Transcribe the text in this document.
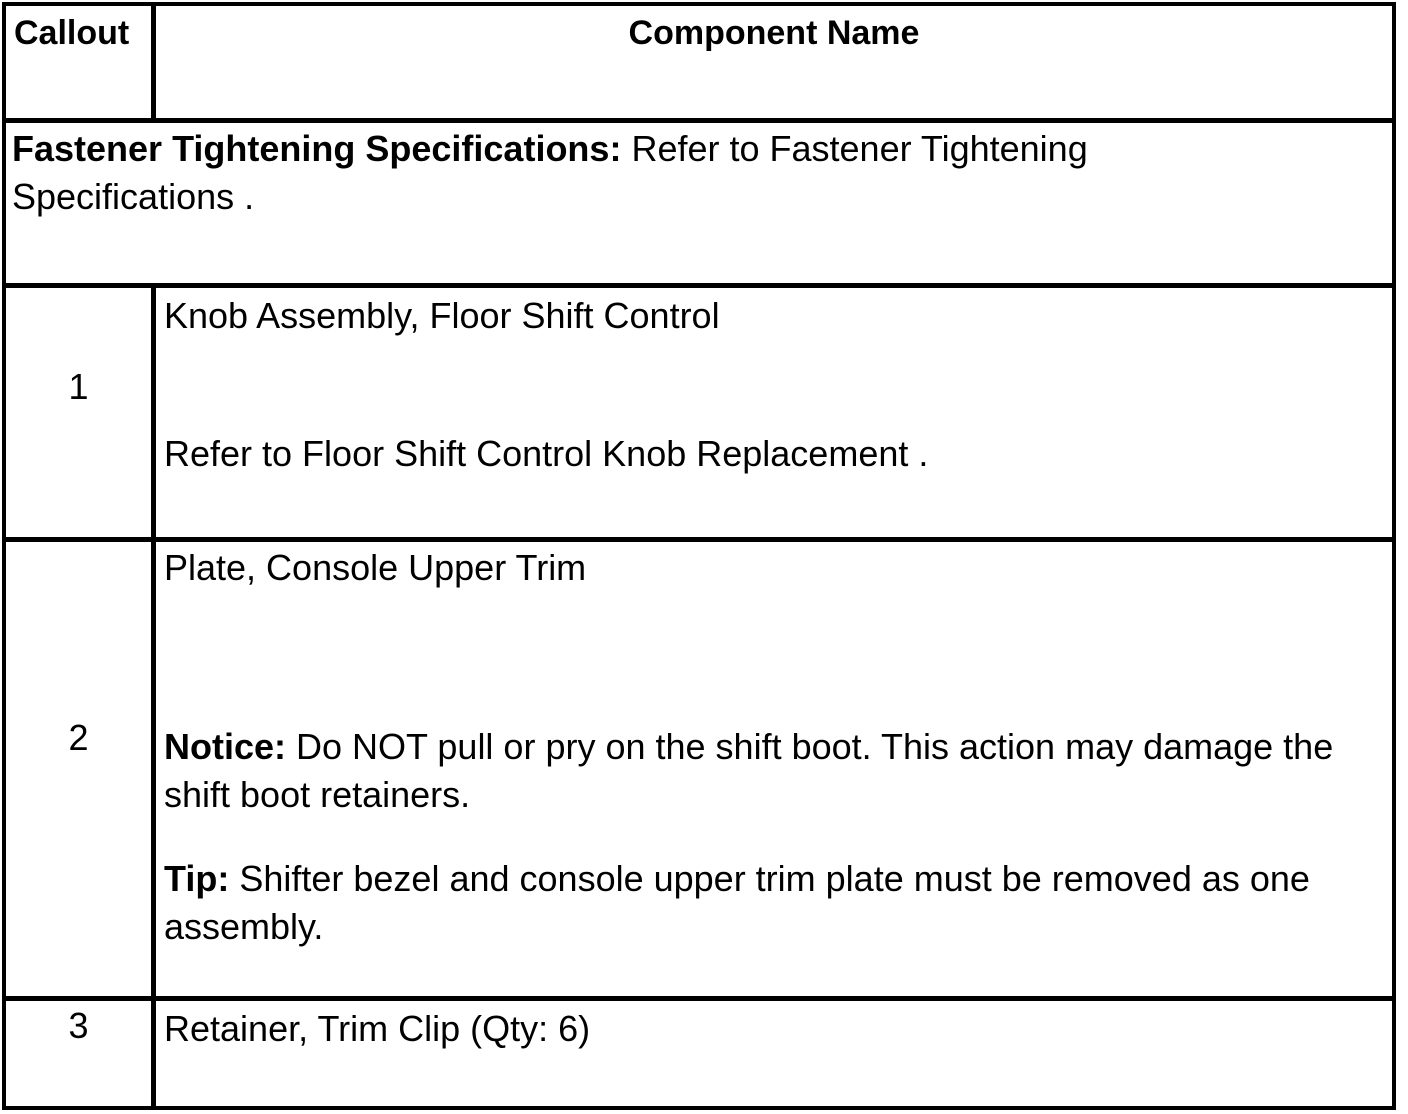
Callout	Component Name
Fastener Tightening Specifications: Refer to Fastener Tightening Specifications .
1
Knob Assembly, Floor Shift Control
Refer to Floor Shift Control Knob Replacement .
2
Plate, Console Upper Trim
Notice: Do NOT pull or pry on the shift boot. This action may damage the shift boot retainers.
Tip: Shifter bezel and console upper trim plate must be removed as one assembly.
3	Retainer, Trim Clip (Qty: 6)
